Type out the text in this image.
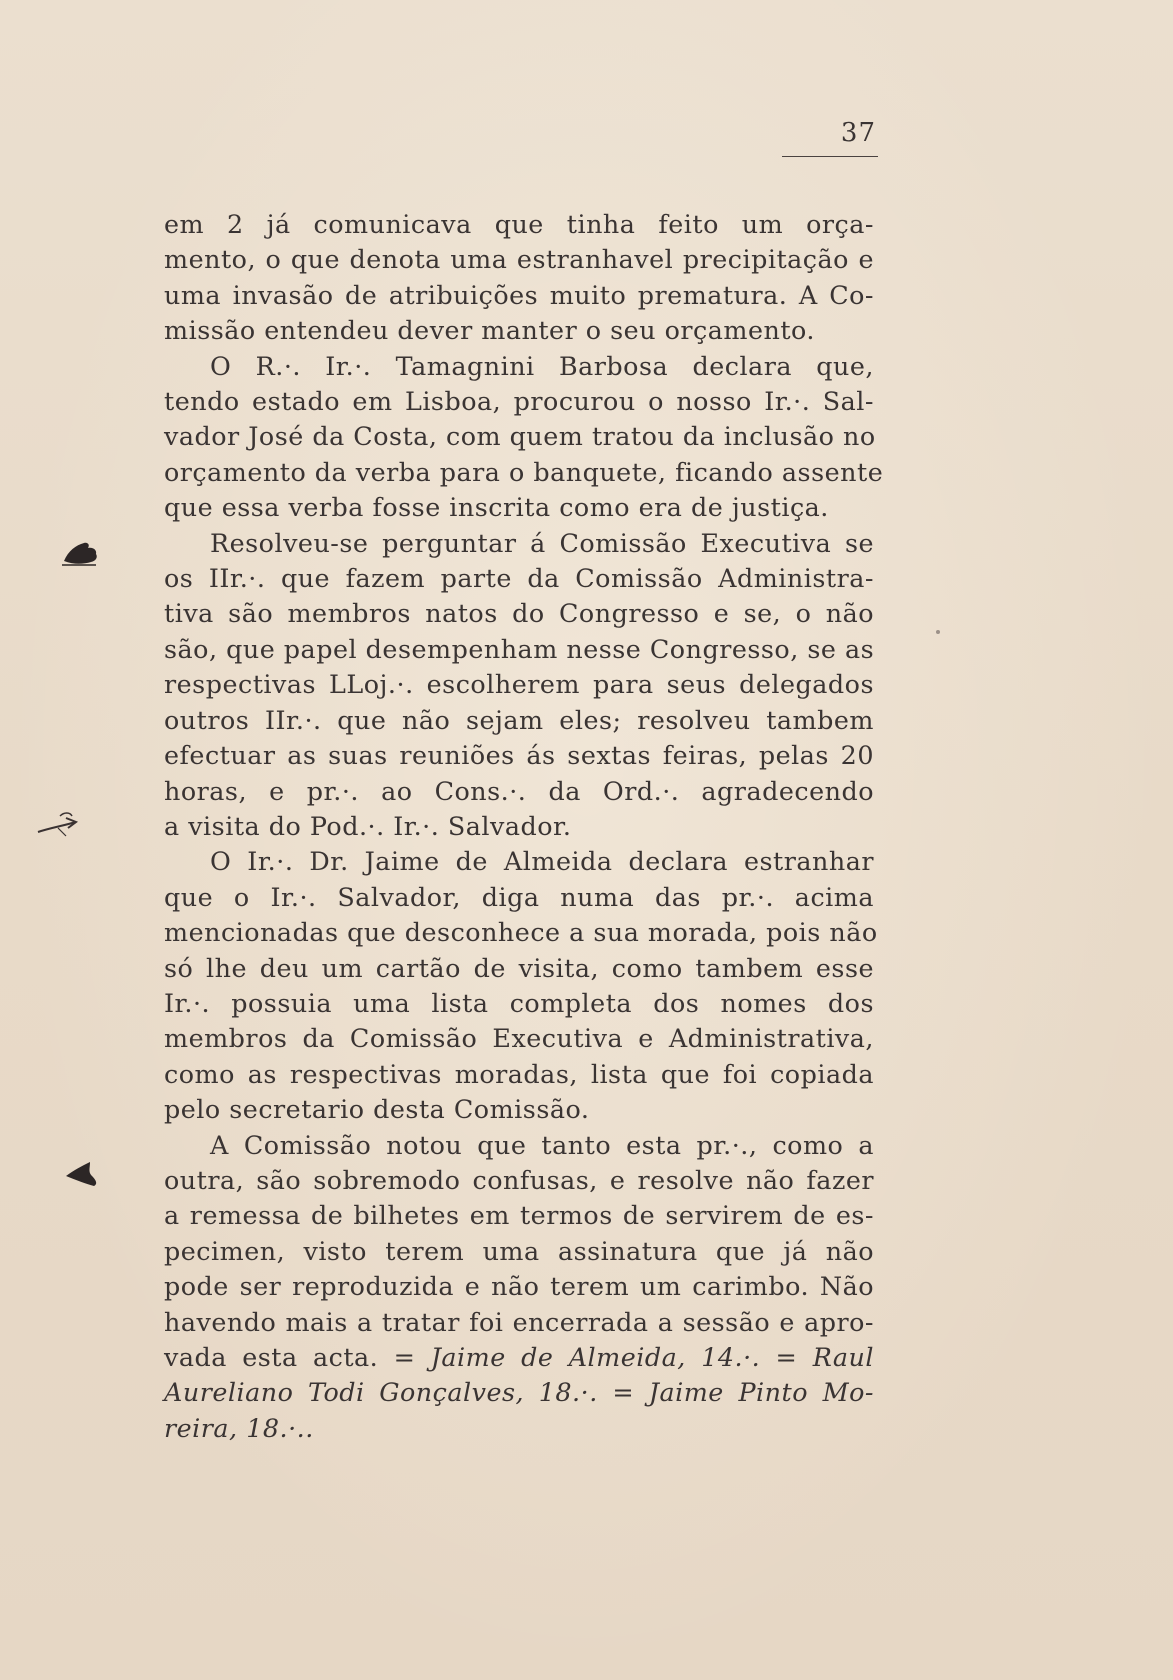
37
em 2 já comunicava que tinha feito um orça-
mento, o que denota uma estranhavel precipitação e
uma invasão de atribuições muito prematura. A Co-
missão entendeu dever manter o seu orçamento.
O R.·. Ir.·. Tamagnini Barbosa declara que,
tendo estado em Lisboa, procurou o nosso Ir.·. Sal-
vador José da Costa, com quem tratou da inclusão no
orçamento da verba para o banquete, ficando assente
que essa verba fosse inscrita como era de justiça.
Resolveu-se perguntar á Comissão Executiva se
os IIr.·. que fazem parte da Comissão Administra-
tiva são membros natos do Congresso e se, o não
são, que papel desempenham nesse Congresso, se as
respectivas LLoj.·. escolherem para seus delegados
outros IIr.·. que não sejam eles; resolveu tambem
efectuar as suas reuniões ás sextas feiras, pelas 20
horas, e pr.·. ao Cons.·. da Ord.·. agradecendo
a visita do Pod.·. Ir.·. Salvador.
O Ir.·. Dr. Jaime de Almeida declara estranhar
que o Ir.·. Salvador, diga numa das pr.·. acima
mencionadas que desconhece a sua morada, pois não
só lhe deu um cartão de visita, como tambem esse
Ir.·. possuia uma lista completa dos nomes dos
membros da Comissão Executiva e Administrativa,
como as respectivas moradas, lista que foi copiada
pelo secretario desta Comissão.
A Comissão notou que tanto esta pr.·., como a
outra, são sobremodo confusas, e resolve não fazer
a remessa de bilhetes em termos de servirem de es-
pecimen, visto terem uma assinatura que já não
pode ser reproduzida e não terem um carimbo. Não
havendo mais a tratar foi encerrada a sessão e apro-
vada esta acta. = Jaime de Almeida, 14.·. = Raul
Aureliano Todi Gonçalves, 18.·. = Jaime Pinto Mo-
reira, 18.·..
